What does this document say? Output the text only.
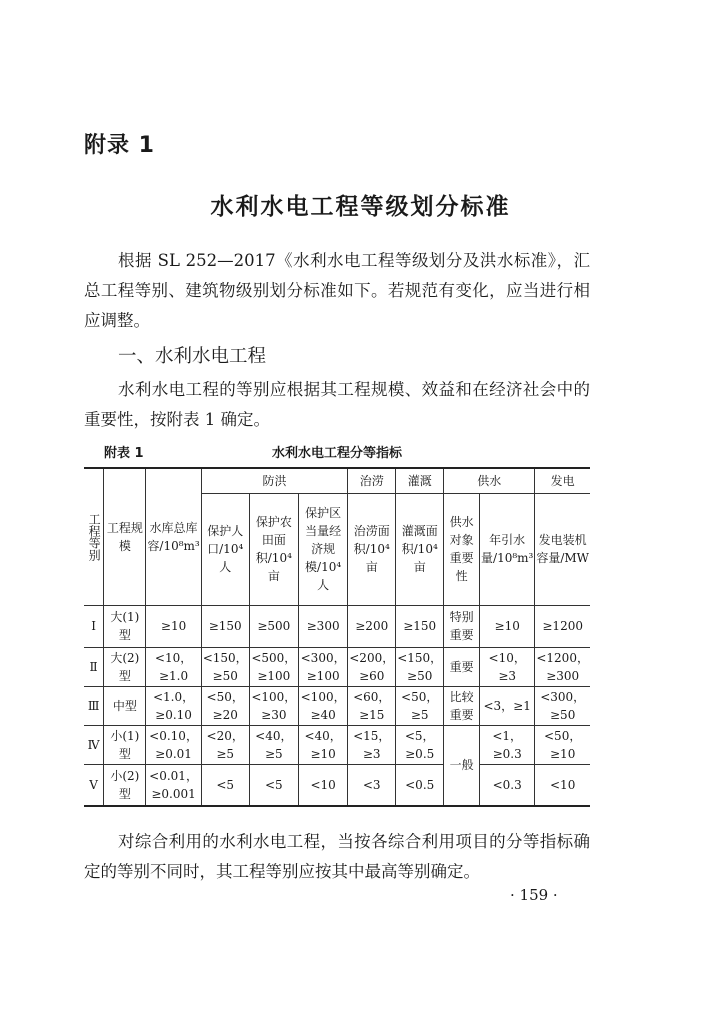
附录 1
水利水电工程等级划分标准
根据 SL 252—2017《水利水电工程等级划分及洪水标准》，汇总工程等别、建筑物级别划分标准如下。若规范有变化，应当进行相应调整。
一、水利水电工程
水利水电工程的等别应根据其工程规模、效益和在经济社会中的重要性，按附表 1 确定。
附表 1	水利水电工程分等指标
工程等别	工程规模	水库总库容/10⁸m³	防洪			治涝	灌溉	供水		发电
			保护人口/10⁴ 人	保护农田面积/10⁴ 亩	保护区当量经济规模/10⁴ 人	治涝面积/10⁴ 亩	灌溉面积/10⁴ 亩	供水对象重要性	年引水量/10⁸m³	发电装机容量/MW
Ⅰ	大(1)型	≥10	≥150	≥500	≥300	≥200	≥150	特别重要	≥10	≥1200
Ⅱ	大(2)型	<10，≥1.0	<150，≥50	<500，≥100	<300，≥100	<200，≥60	<150，≥50	重要	<10，≥3	<1200，≥300
Ⅲ	中型	<1.0，≥0.10	<50，≥20	<100，≥30	<100，≥40	<60，≥15	<50，≥5	比较重要	<3，≥1	<300，≥50
Ⅳ	小(1)型	<0.10，≥0.01	<20，≥5	<40，≥5	<40，≥10	<15，≥3	<5，≥0.5	一般	<1，≥0.3	<50，≥10
Ⅴ	小(2)型	<0.01，≥0.001	<5	<5	<10	<3	<0.5		<0.3	<10
对综合利用的水利水电工程，当按各综合利用项目的分等指标确定的等别不同时，其工程等别应按其中最高等别确定。
· 159 ·
